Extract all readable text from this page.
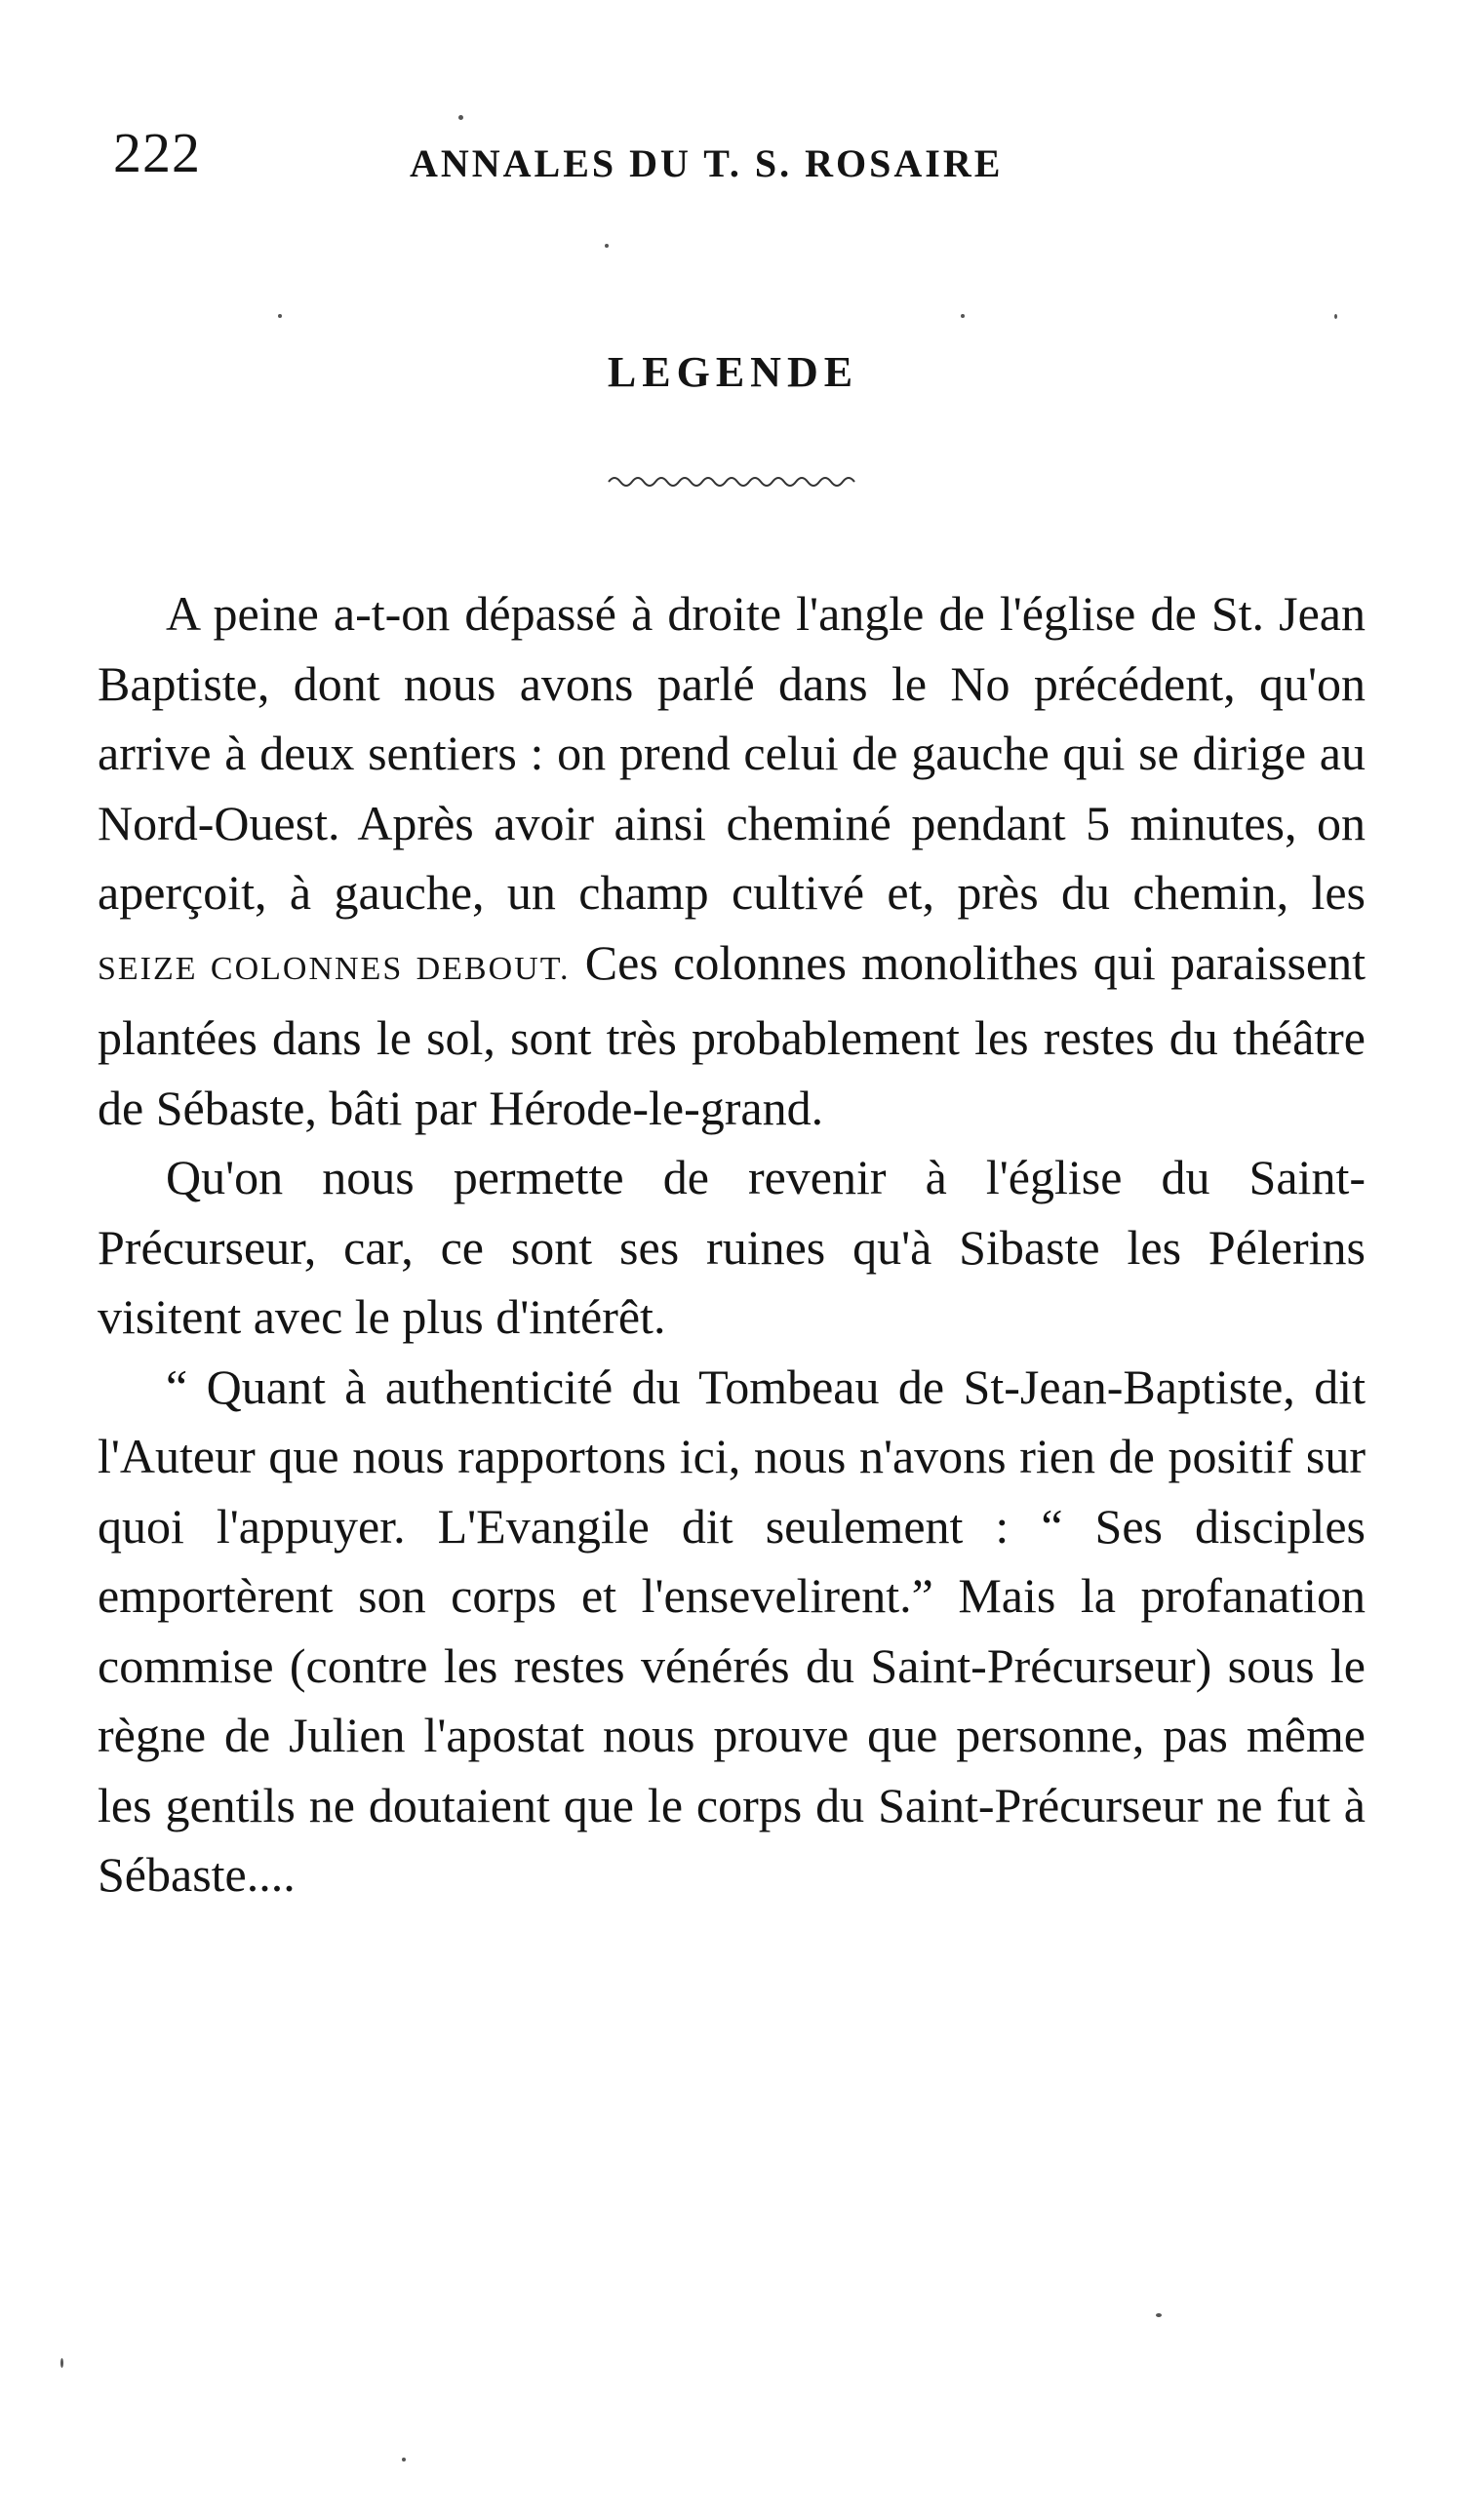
222	ANNALES DU T. S. ROSAIRE
LEGENDE

A peine a-t-on dépassé à droite l'angle de l'église de St. Jean Baptiste, dont nous avons parlé dans le No précédent, qu'on arrive à deux sentiers : on prend celui de gauche qui se dirige au Nord-Ouest. Après avoir ainsi cheminé pendant 5 minutes, on aperçoit, à gauche, un champ cultivé et, près du chemin, les SEIZE COLONNES DEBOUT. Ces colonnes monolithes qui paraissent plantées dans le sol, sont très probablement les restes du théâtre de Sébaste, bâti par Hérode-le-grand.

Qu'on nous permette de revenir à l'église du Saint-Précurseur, car, ce sont ses ruines qu'à Sibaste les Pélerins visitent avec le plus d'intérêt.

“ Quant à authenticité du Tombeau de St-Jean-Baptiste, dit l'Auteur que nous rapportons ici, nous n'avons rien de positif sur quoi l'appuyer. L'Evangile dit seulement : “ Ses disciples emportèrent son corps et l'ensevelirent.” Mais la profanation commise (contre les restes vénérés du Saint-Précurseur) sous le règne de Julien l'apostat nous prouve que personne, pas même les gentils ne doutaient que le corps du Saint-Précurseur ne fut à Sébaste....
